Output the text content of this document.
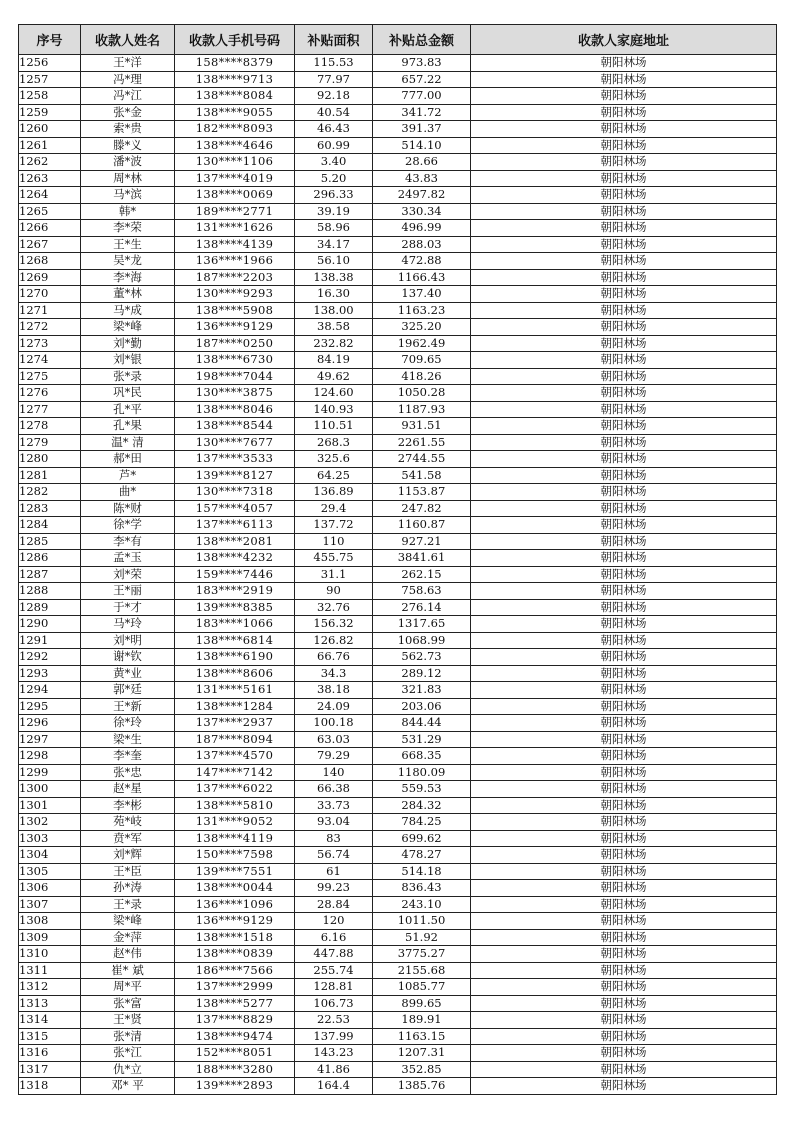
序号	收款人姓名	收款人手机号码	补贴面积	补贴总金额	收款人家庭地址
1256	王*洋	158****8379	115.53	973.83	朝阳林场
1257	冯*理	138****9713	77.97	657.22	朝阳林场
1258	冯*江	138****8084	92.18	777.00	朝阳林场
1259	张*金	138****9055	40.54	341.72	朝阳林场
1260	索*贵	182****8093	46.43	391.37	朝阳林场
1261	滕*义	138****4646	60.99	514.10	朝阳林场
1262	潘*波	130****1106	3.40	28.66	朝阳林场
1263	周*林	137****4019	5.20	43.83	朝阳林场
1264	马*滨	138****0069	296.33	2497.82	朝阳林场
1265	韩*	189****2771	39.19	330.34	朝阳林场
1266	李*荣	131****1626	58.96	496.99	朝阳林场
1267	王*生	138****4139	34.17	288.03	朝阳林场
1268	吴*龙	136****1966	56.10	472.88	朝阳林场
1269	李*海	187****2203	138.38	1166.43	朝阳林场
1270	董*林	130****9293	16.30	137.40	朝阳林场
1271	马*成	138****5908	138.00	1163.23	朝阳林场
1272	梁*峰	136****9129	38.58	325.20	朝阳林场
1273	刘*勤	187****0250	232.82	1962.49	朝阳林场
1274	刘*银	138****6730	84.19	709.65	朝阳林场
1275	张*录	198****7044	49.62	418.26	朝阳林场
1276	巩*民	130****3875	124.60	1050.28	朝阳林场
1277	孔*平	138****8046	140.93	1187.93	朝阳林场
1278	孔*果	138****8544	110.51	931.51	朝阳林场
1279	温* 清	130****7677	268.3	2261.55	朝阳林场
1280	郝*田	137****3533	325.6	2744.55	朝阳林场
1281	芦*	139****8127	64.25	541.58	朝阳林场
1282	曲*	130****7318	136.89	1153.87	朝阳林场
1283	陈*财	157****4057	29.4	247.82	朝阳林场
1284	徐*学	137****6113	137.72	1160.87	朝阳林场
1285	李*有	138****2081	110	927.21	朝阳林场
1286	孟*玉	138****4232	455.75	3841.61	朝阳林场
1287	刘*荣	159****7446	31.1	262.15	朝阳林场
1288	王*丽	183****2919	90	758.63	朝阳林场
1289	于*才	139****8385	32.76	276.14	朝阳林场
1290	马*玲	183****1066	156.32	1317.65	朝阳林场
1291	刘*明	138****6814	126.82	1068.99	朝阳林场
1292	谢*钦	138****6190	66.76	562.73	朝阳林场
1293	黄*业	138****8606	34.3	289.12	朝阳林场
1294	郭*廷	131****5161	38.18	321.83	朝阳林场
1295	王*新	138****1284	24.09	203.06	朝阳林场
1296	徐*玲	137****2937	100.18	844.44	朝阳林场
1297	梁*生	187****8094	63.03	531.29	朝阳林场
1298	李*奎	137****4570	79.29	668.35	朝阳林场
1299	张*忠	147****7142	140	1180.09	朝阳林场
1300	赵*星	137****6022	66.38	559.53	朝阳林场
1301	李*彬	138****5810	33.73	284.32	朝阳林场
1302	苑*岐	131****9052	93.04	784.25	朝阳林场
1303	贲*军	138****4119	83	699.62	朝阳林场
1304	刘*辉	150****7598	56.74	478.27	朝阳林场
1305	王*臣	139****7551	61	514.18	朝阳林场
1306	孙*涛	138****0044	99.23	836.43	朝阳林场
1307	王*录	136****1096	28.84	243.10	朝阳林场
1308	梁*峰	136****9129	120	1011.50	朝阳林场
1309	金*萍	138****1518	6.16	51.92	朝阳林场
1310	赵*伟	138****0839	447.88	3775.27	朝阳林场
1311	崔* 斌	186****7566	255.74	2155.68	朝阳林场
1312	周*平	137****2999	128.81	1085.77	朝阳林场
1313	张*富	138****5277	106.73	899.65	朝阳林场
1314	王*贤	137****8829	22.53	189.91	朝阳林场
1315	张*清	138****9474	137.99	1163.15	朝阳林场
1316	张*江	152****8051	143.23	1207.31	朝阳林场
1317	仇*立	188****3280	41.86	352.85	朝阳林场
1318	邓* 平	139****2893	164.4	1385.76	朝阳林场
